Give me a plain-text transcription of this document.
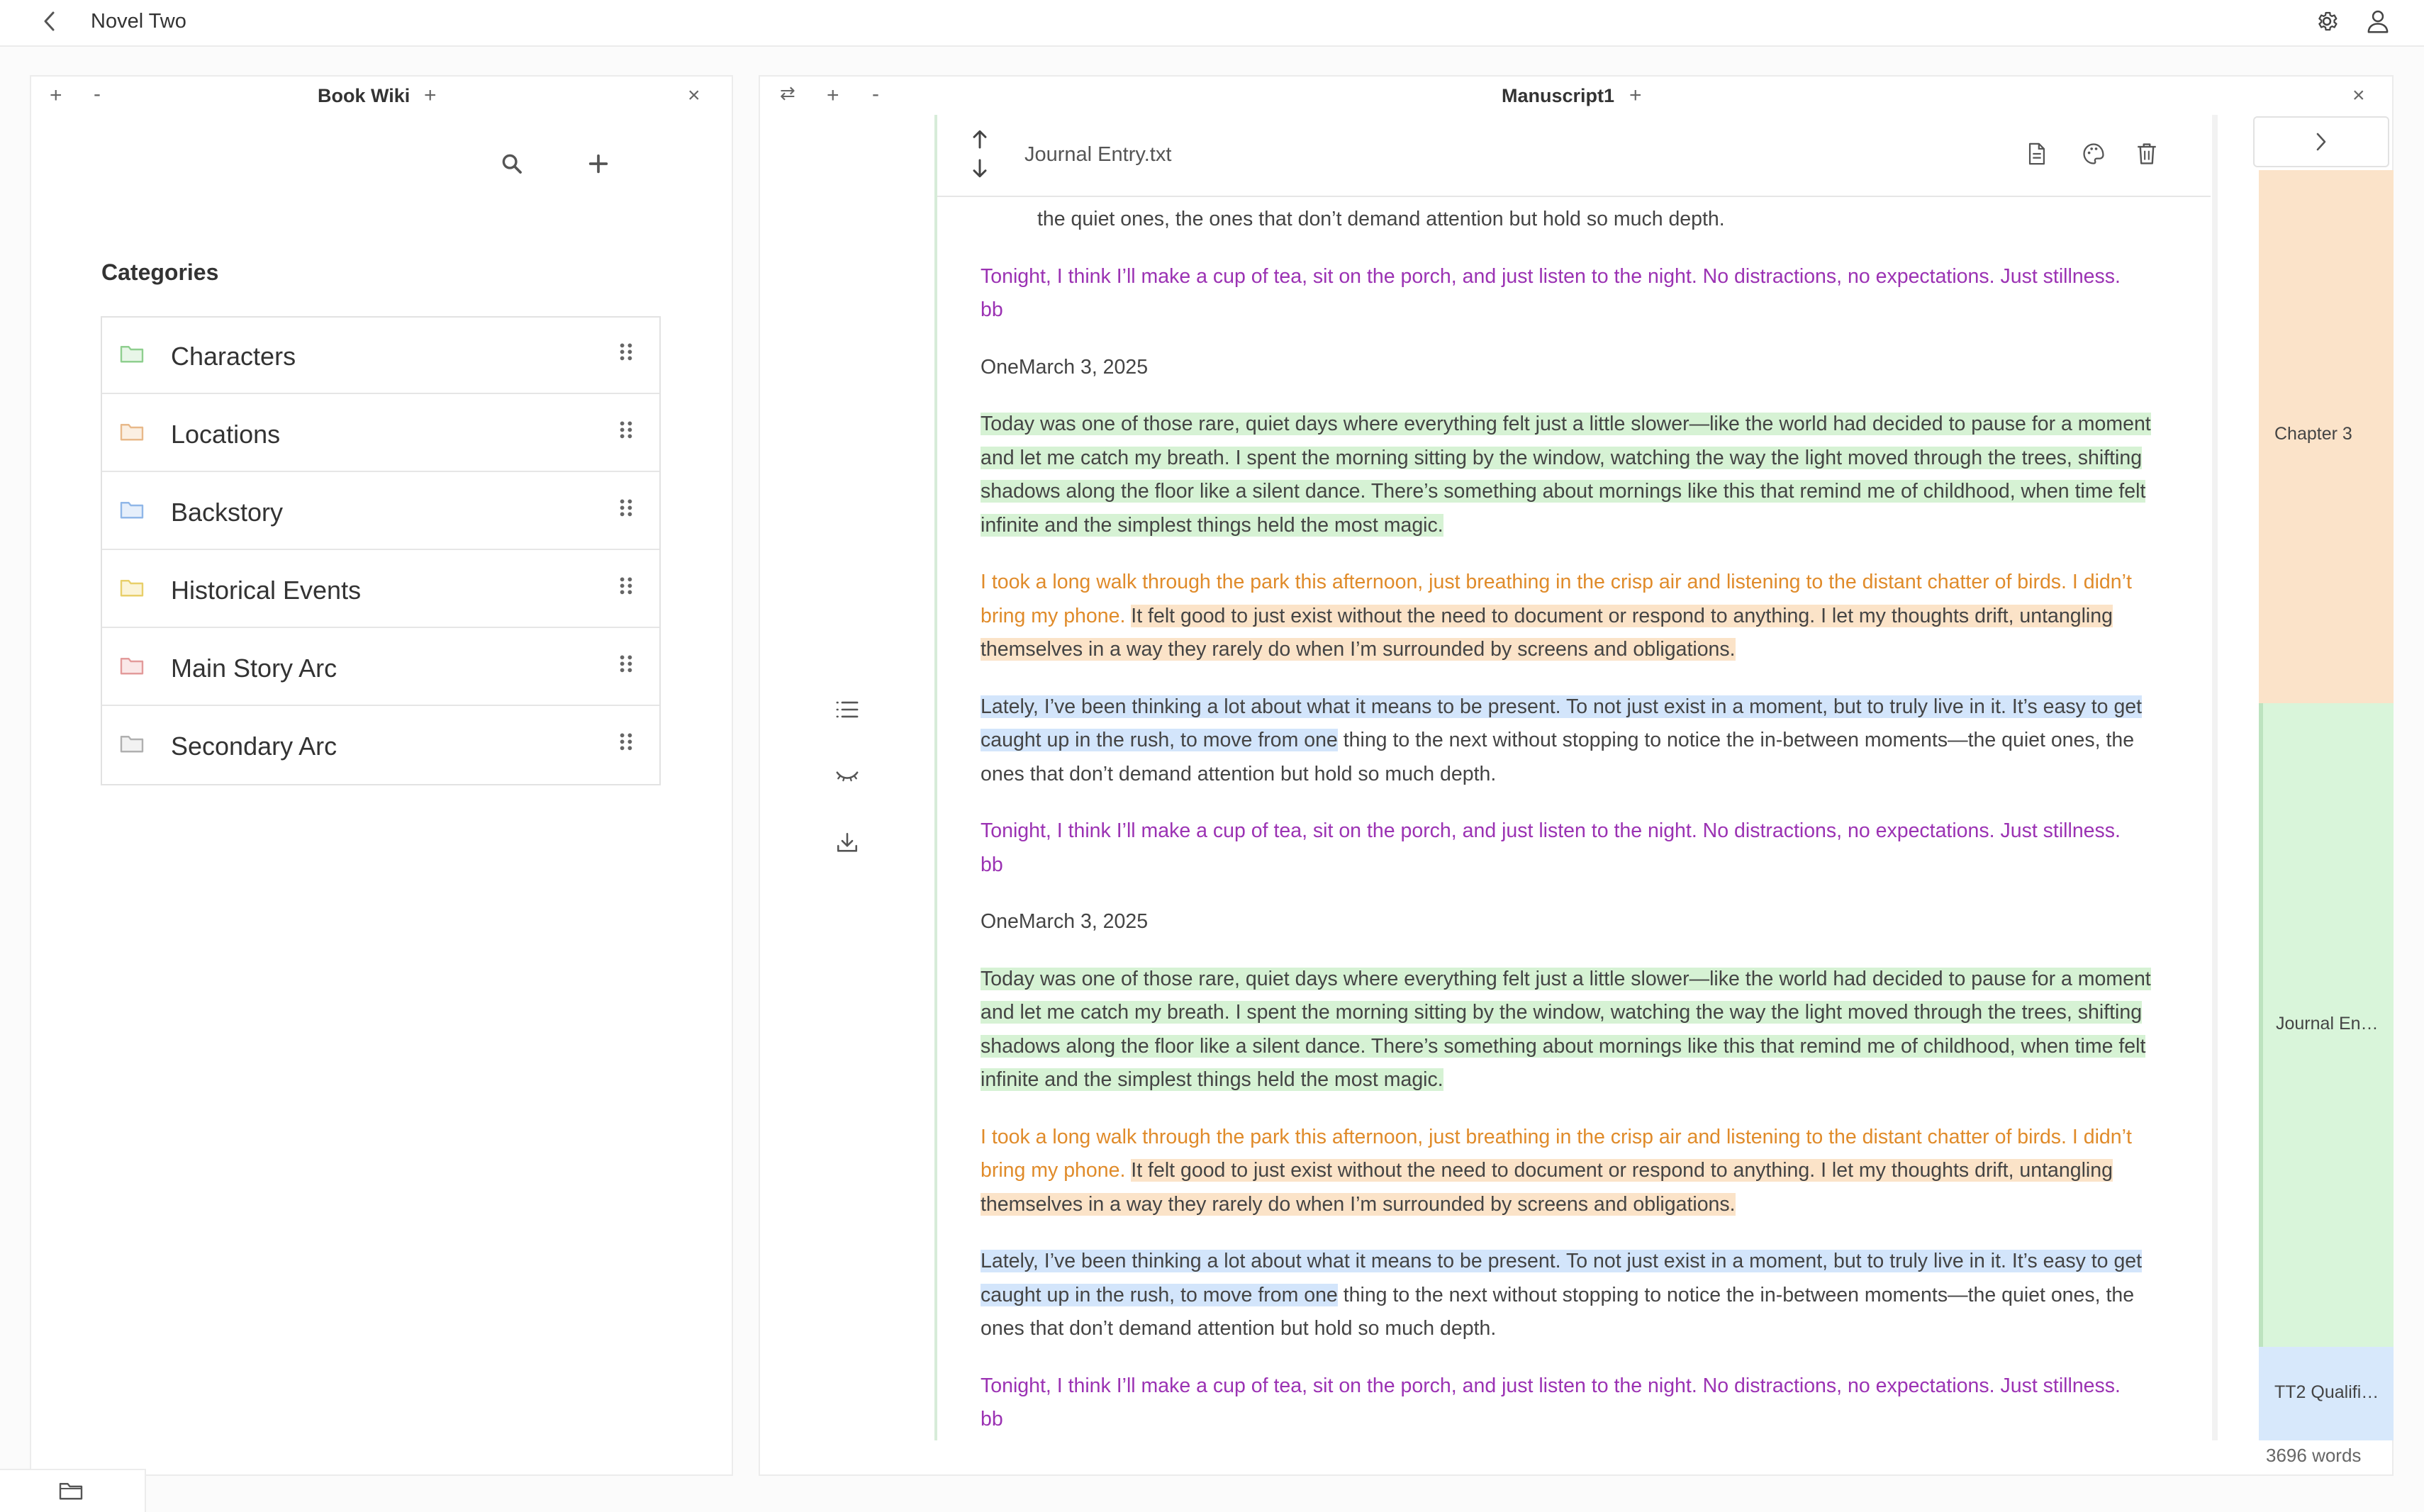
Novel Two
+ -	Book Wiki +	×
Categories
Characters
Locations
Backstory
Historical Events
Main Story Arc
Secondary Arc
⇄ + -	Manuscript1 +	×
Journal Entry.txt
the quiet ones, the ones that don’t demand attention but hold so much depth.
Tonight, I think I’ll make a cup of tea, sit on the porch, and just listen to the night. No distractions, no expectations. Just stillness.
bb
OneMarch 3, 2025
Today was one of those rare, quiet days where everything felt just a little slower—like the world had decided to pause for a moment and let me catch my breath. I spent the morning sitting by the window, watching the way the light moved through the trees, shifting shadows along the floor like a silent dance. There’s something about mornings like this that remind me of childhood, when time felt infinite and the simplest things held the most magic.
I took a long walk through the park this afternoon, just breathing in the crisp air and listening to the distant chatter of birds. I didn’t bring my phone. It felt good to just exist without the need to document or respond to anything. I let my thoughts drift, untangling themselves in a way they rarely do when I’m surrounded by screens and obligations.
Lately, I’ve been thinking a lot about what it means to be present. To not just exist in a moment, but to truly live in it. It’s easy to get caught up in the rush, to move from one thing to the next without stopping to notice the in-between moments—the quiet ones, the ones that don’t demand attention but hold so much depth.
Tonight, I think I’ll make a cup of tea, sit on the porch, and just listen to the night. No distractions, no expectations. Just stillness.
bb
OneMarch 3, 2025
Today was one of those rare, quiet days where everything felt just a little slower—like the world had decided to pause for a moment and let me catch my breath. I spent the morning sitting by the window, watching the way the light moved through the trees, shifting shadows along the floor like a silent dance. There’s something about mornings like this that remind me of childhood, when time felt infinite and the simplest things held the most magic.
I took a long walk through the park this afternoon, just breathing in the crisp air and listening to the distant chatter of birds. I didn’t bring my phone. It felt good to just exist without the need to document or respond to anything. I let my thoughts drift, untangling themselves in a way they rarely do when I’m surrounded by screens and obligations.
Lately, I’ve been thinking a lot about what it means to be present. To not just exist in a moment, but to truly live in it. It’s easy to get caught up in the rush, to move from one thing to the next without stopping to notice the in-between moments—the quiet ones, the ones that don’t demand attention but hold so much depth.
Tonight, I think I’ll make a cup of tea, sit on the porch, and just listen to the night. No distractions, no expectations. Just stillness.
bb
Chapter 3
Journal En…
TT2 Qualifi…
3696 words
